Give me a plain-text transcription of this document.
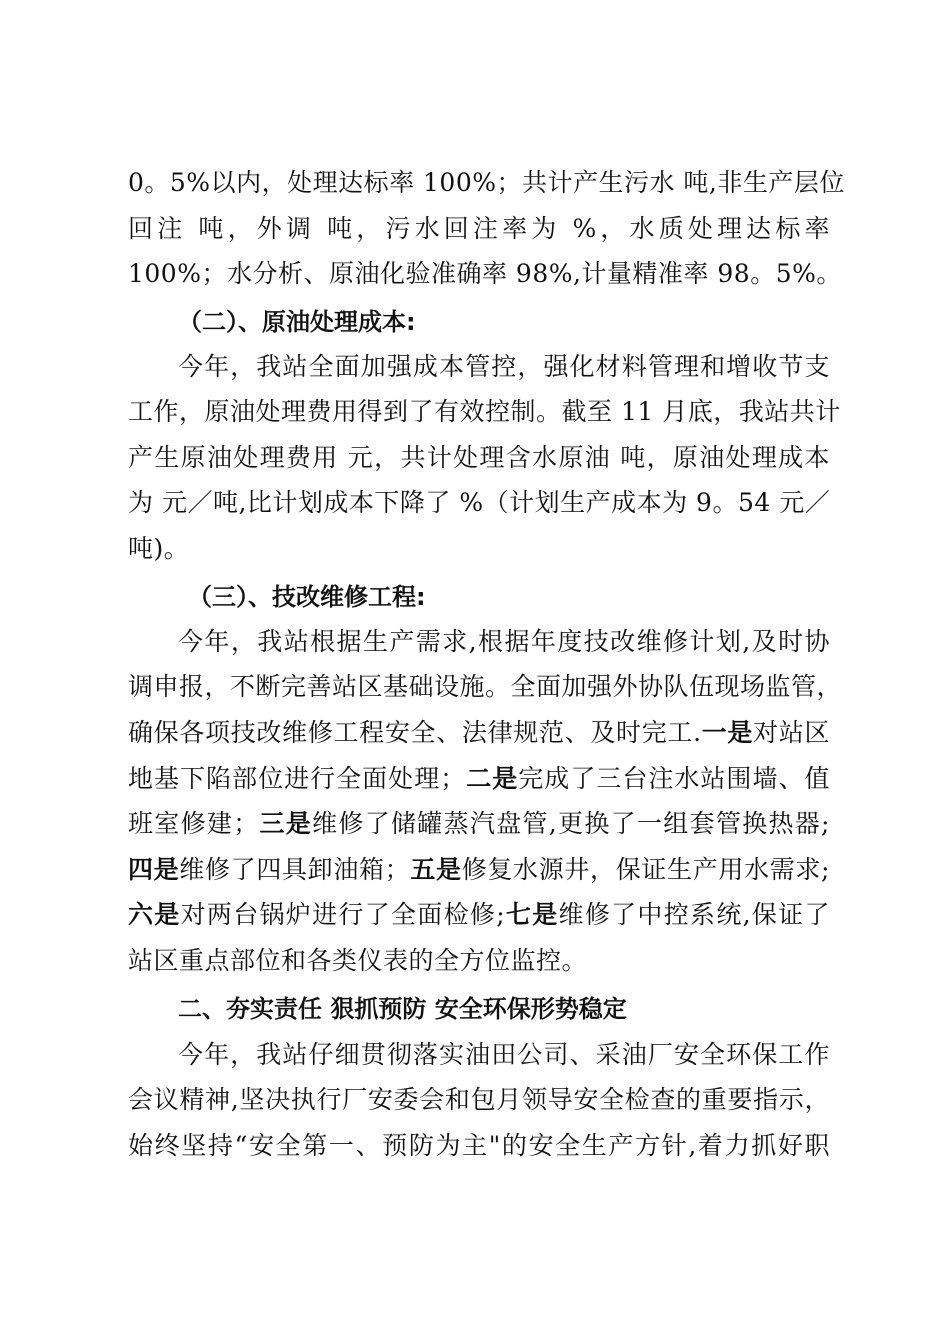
0。5%以内，处理达标率 100%；共计产生污水 吨,非生产层位
回注 吨，外调 吨，污水回注率为 %，水质处理达标率
100%；水分析、原油化验准确率 98%,计量精准率 98。5%。
（二）、原油处理成本:
今年，我站全面加强成本管控，强化材料管理和增收节支
工作，原油处理费用得到了有效控制。截至 11 月底，我站共计
产生原油处理费用 元，共计处理含水原油 吨，原油处理成本
为 元／吨,比计划成本下降了 %（计划生产成本为 9。54 元／
吨)。
（三）、技改维修工程:
今年，我站根据生产需求,根据年度技改维修计划,及时协
调申报，不断完善站区基础设施。全面加强外协队伍现场监管，
确保各项技改维修工程安全、法律规范、及时完工.一是对站区
地基下陷部位进行全面处理；二是完成了三台注水站围墙、值
班室修建；三是维修了储罐蒸汽盘管,更换了一组套管换热器;
四是维修了四具卸油箱；五是修复水源井，保证生产用水需求;
六是对两台锅炉进行了全面检修;七是维修了中控系统,保证了
站区重点部位和各类仪表的全方位监控。
二、夯实责任 狠抓预防 安全环保形势稳定
今年，我站仔细贯彻落实油田公司、采油厂安全环保工作
会议精神,坚决执行厂安委会和包月领导安全检查的重要指示，
始终坚持“安全第一、预防为主"的安全生产方针,着力抓好职
